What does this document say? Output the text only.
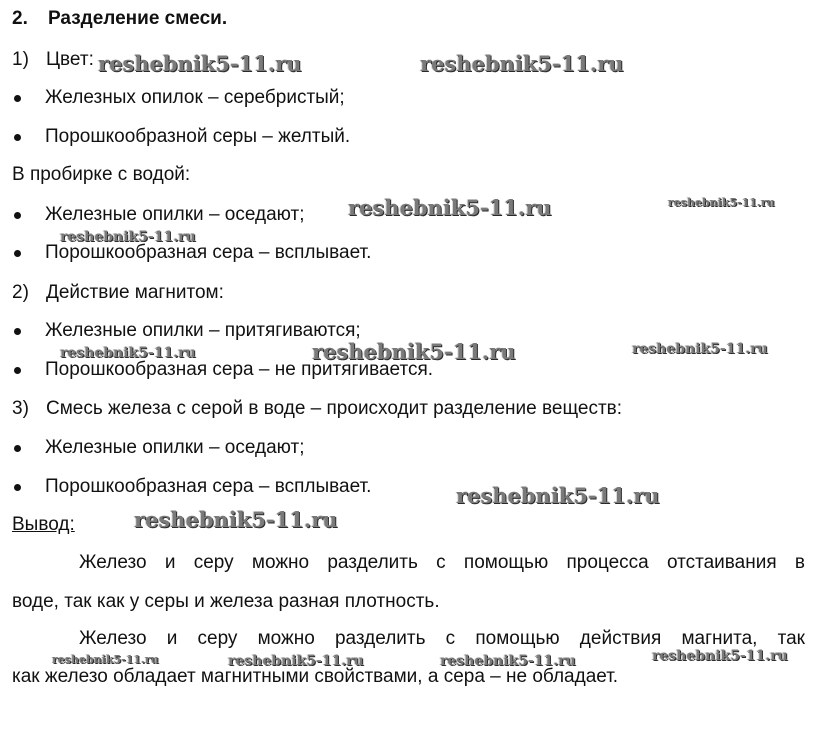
2. Разделение смеси.
1) Цвет:
Железных опилок – серебристый;
Порошкообразной серы – желтый.
В пробирке с водой:
Железные опилки – оседают;
Порошкообразная сера – всплывает.
2) Действие магнитом:
Железные опилки – притягиваются;
Порошкообразная сера – не притягивается.
3) Смесь железа с серой в воде – происходит разделение веществ:
Железные опилки – оседают;
Порошкообразная сера – всплывает.
Вывод:
Железо и серу можно разделить с помощью процесса отстаивания в
воде, так как у серы и железа разная плотность.
Железо и серу можно разделить с помощью действия магнита, так
как железо обладает магнитными свойствами, а сера – не обладает.
reshebnik5-11.ru	reshebnik5-11.ru
reshebnik5-11.ru	reshebnik5-11.ru
reshebnik5-11.ru
reshebnik5-11.ru	reshebnik5-11.ru	reshebnik5-11.ru
reshebnik5-11.ru
reshebnik5-11.ru
reshebnik5-11.ru	reshebnik5-11.ru	reshebnik5-11.ru	reshebnik5-11.ru
